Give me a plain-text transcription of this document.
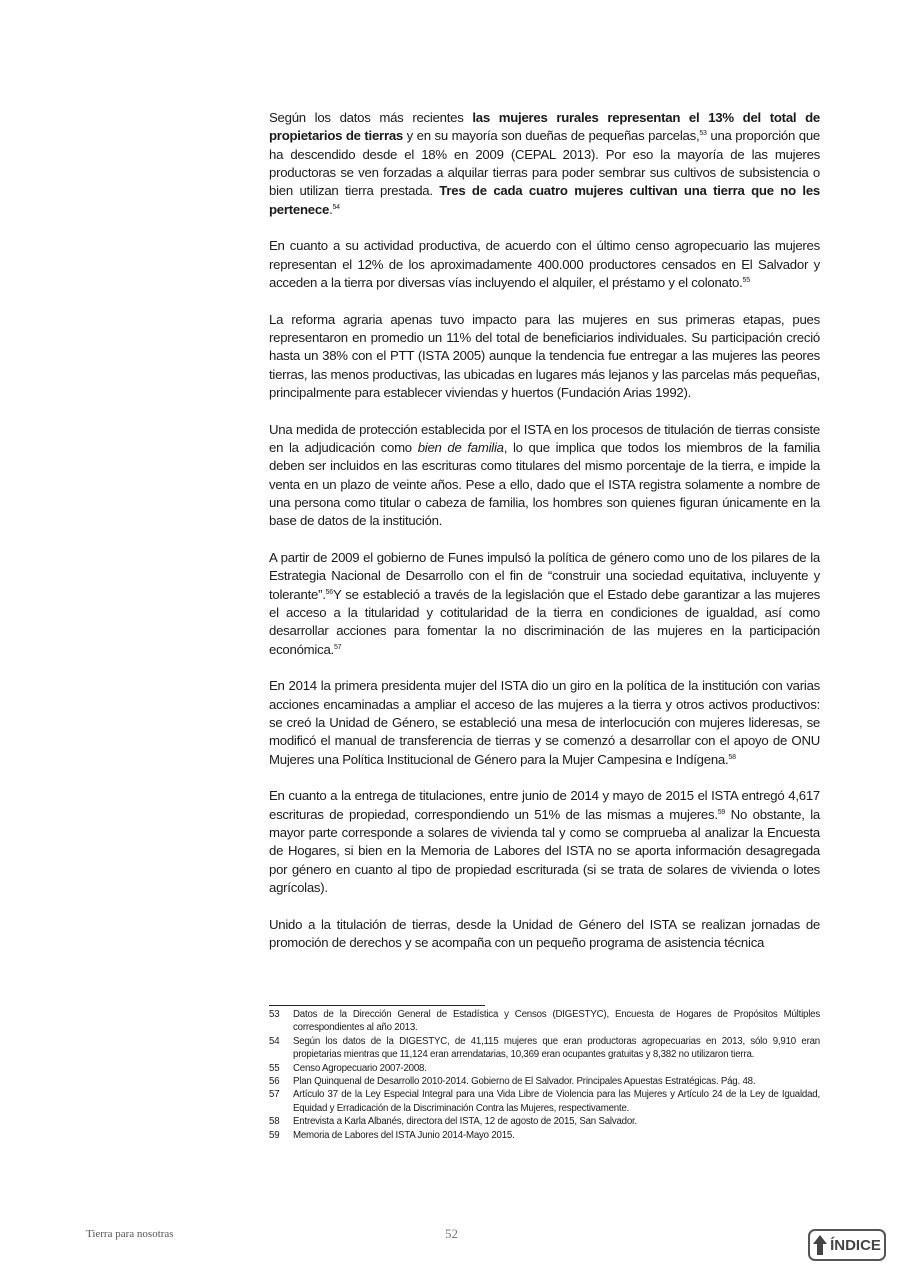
Según los datos más recientes las mujeres rurales representan el 13% del total de propietarios de tierras y en su mayoría son dueñas de pequeñas parcelas,$^{53}$ una proporción que ha descendido desde el 18% en 2009 (CEPAL 2013). Por eso la mayoría de las mujeres productoras se ven forzadas a alquilar tierras para poder sembrar sus cultivos de subsistencia o bien utilizan tierra prestada. Tres de cada cuatro mujeres cultivan una tierra que no les pertenece.$^{54}$

En cuanto a su actividad productiva, de acuerdo con el último censo agropecuario las mujeres representan el 12% de los aproximadamente 400.000 productores censados en El Salvador y acceden a la tierra por diversas vías incluyendo el alquiler, el préstamo y el colonato.$^{55}$

La reforma agraria apenas tuvo impacto para las mujeres en sus primeras etapas, pues representaron en promedio un 11% del total de beneficiarios individuales. Su participación creció hasta un 38% con el PTT (ISTA 2005) aunque la tendencia fue entregar a las mujeres las peores tierras, las menos productivas, las ubicadas en lugares más lejanos y las parcelas más pequeñas, principalmente para establecer viviendas y huertos (Fundación Arias 1992).

Una medida de protección establecida por el ISTA en los procesos de titulación de tierras consiste en la adjudicación como bien de familia, lo que implica que todos los miembros de la familia deben ser incluidos en las escrituras como titulares del mismo porcentaje de la tierra, e impide la venta en un plazo de veinte años. Pese a ello, dado que el ISTA registra solamente a nombre de una persona como titular o cabeza de familia, los hombres son quienes figuran únicamente en la base de datos de la institución.

A partir de 2009 el gobierno de Funes impulsó la política de género como uno de los pilares de la Estrategia Nacional de Desarrollo con el fin de “construir una sociedad equitativa, incluyente y tolerante”.$^{56}$Y se estableció a través de la legislación que el Estado debe garantizar a las mujeres el acceso a la titularidad y cotitularidad de la tierra en condiciones de igualdad, así como desarrollar acciones para fomentar la no discriminación de las mujeres en la participación económica.$^{57}$

En 2014 la primera presidenta mujer del ISTA dio un giro en la política de la institución con varias acciones encaminadas a ampliar el acceso de las mujeres a la tierra y otros activos productivos: se creó la Unidad de Género, se estableció una mesa de interlocución con mujeres lideresas, se modificó el manual de transferencia de tierras y se comenzó a desarrollar con el apoyo de ONU Mujeres una Política Institucional de Género para la Mujer Campesina e Indígena.$^{58}$

En cuanto a la entrega de titulaciones, entre junio de 2014 y mayo de 2015 el ISTA entregó 4,617 escrituras de propiedad, correspondiendo un 51% de las mismas a mujeres.$^{59}$ No obstante, la mayor parte corresponde a solares de vivienda tal y como se comprueba al analizar la Encuesta de Hogares, si bien en la Memoria de Labores del ISTA no se aporta información desagregada por género en cuanto al tipo de propiedad escriturada (si se trata de solares de vivienda o lotes agrícolas).

Unido a la titulación de tierras, desde la Unidad de Género del ISTA se realizan jornadas de promoción de derechos y se acompaña con un pequeño programa de asistencia técnica

53	Datos de la Dirección General de Estadística y Censos (DIGESTYC), Encuesta de Hogares de Propósitos Múltiples correspondientes al año 2013.
54	Según los datos de la DIGESTYC, de 41,115 mujeres que eran productoras agropecuarias en 2013, sólo 9,910 eran propietarias mientras que 11,124 eran arrendatarias, 10,369 eran ocupantes gratuitas y 8,382 no utilizaron tierra.
55	Censo Agropecuario 2007-2008.
56	Plan Quinquenal de Desarrollo 2010-2014. Gobierno de El Salvador. Principales Apuestas Estratégicas. Pág. 48.
57	Artículo 37 de la Ley Especial Integral para una Vida Libre de Violencia para las Mujeres y Artículo 24 de la Ley de Igualdad, Equidad y Erradicación de la Discriminación Contra las Mujeres, respectivamente.
58	Entrevista a Karla Albanés, directora del ISTA, 12 de agosto de 2015, San Salvador.
59	Memoria de Labores del ISTA Junio 2014-Mayo 2015.
Tierra para nosotras	52
ÍNDICE
